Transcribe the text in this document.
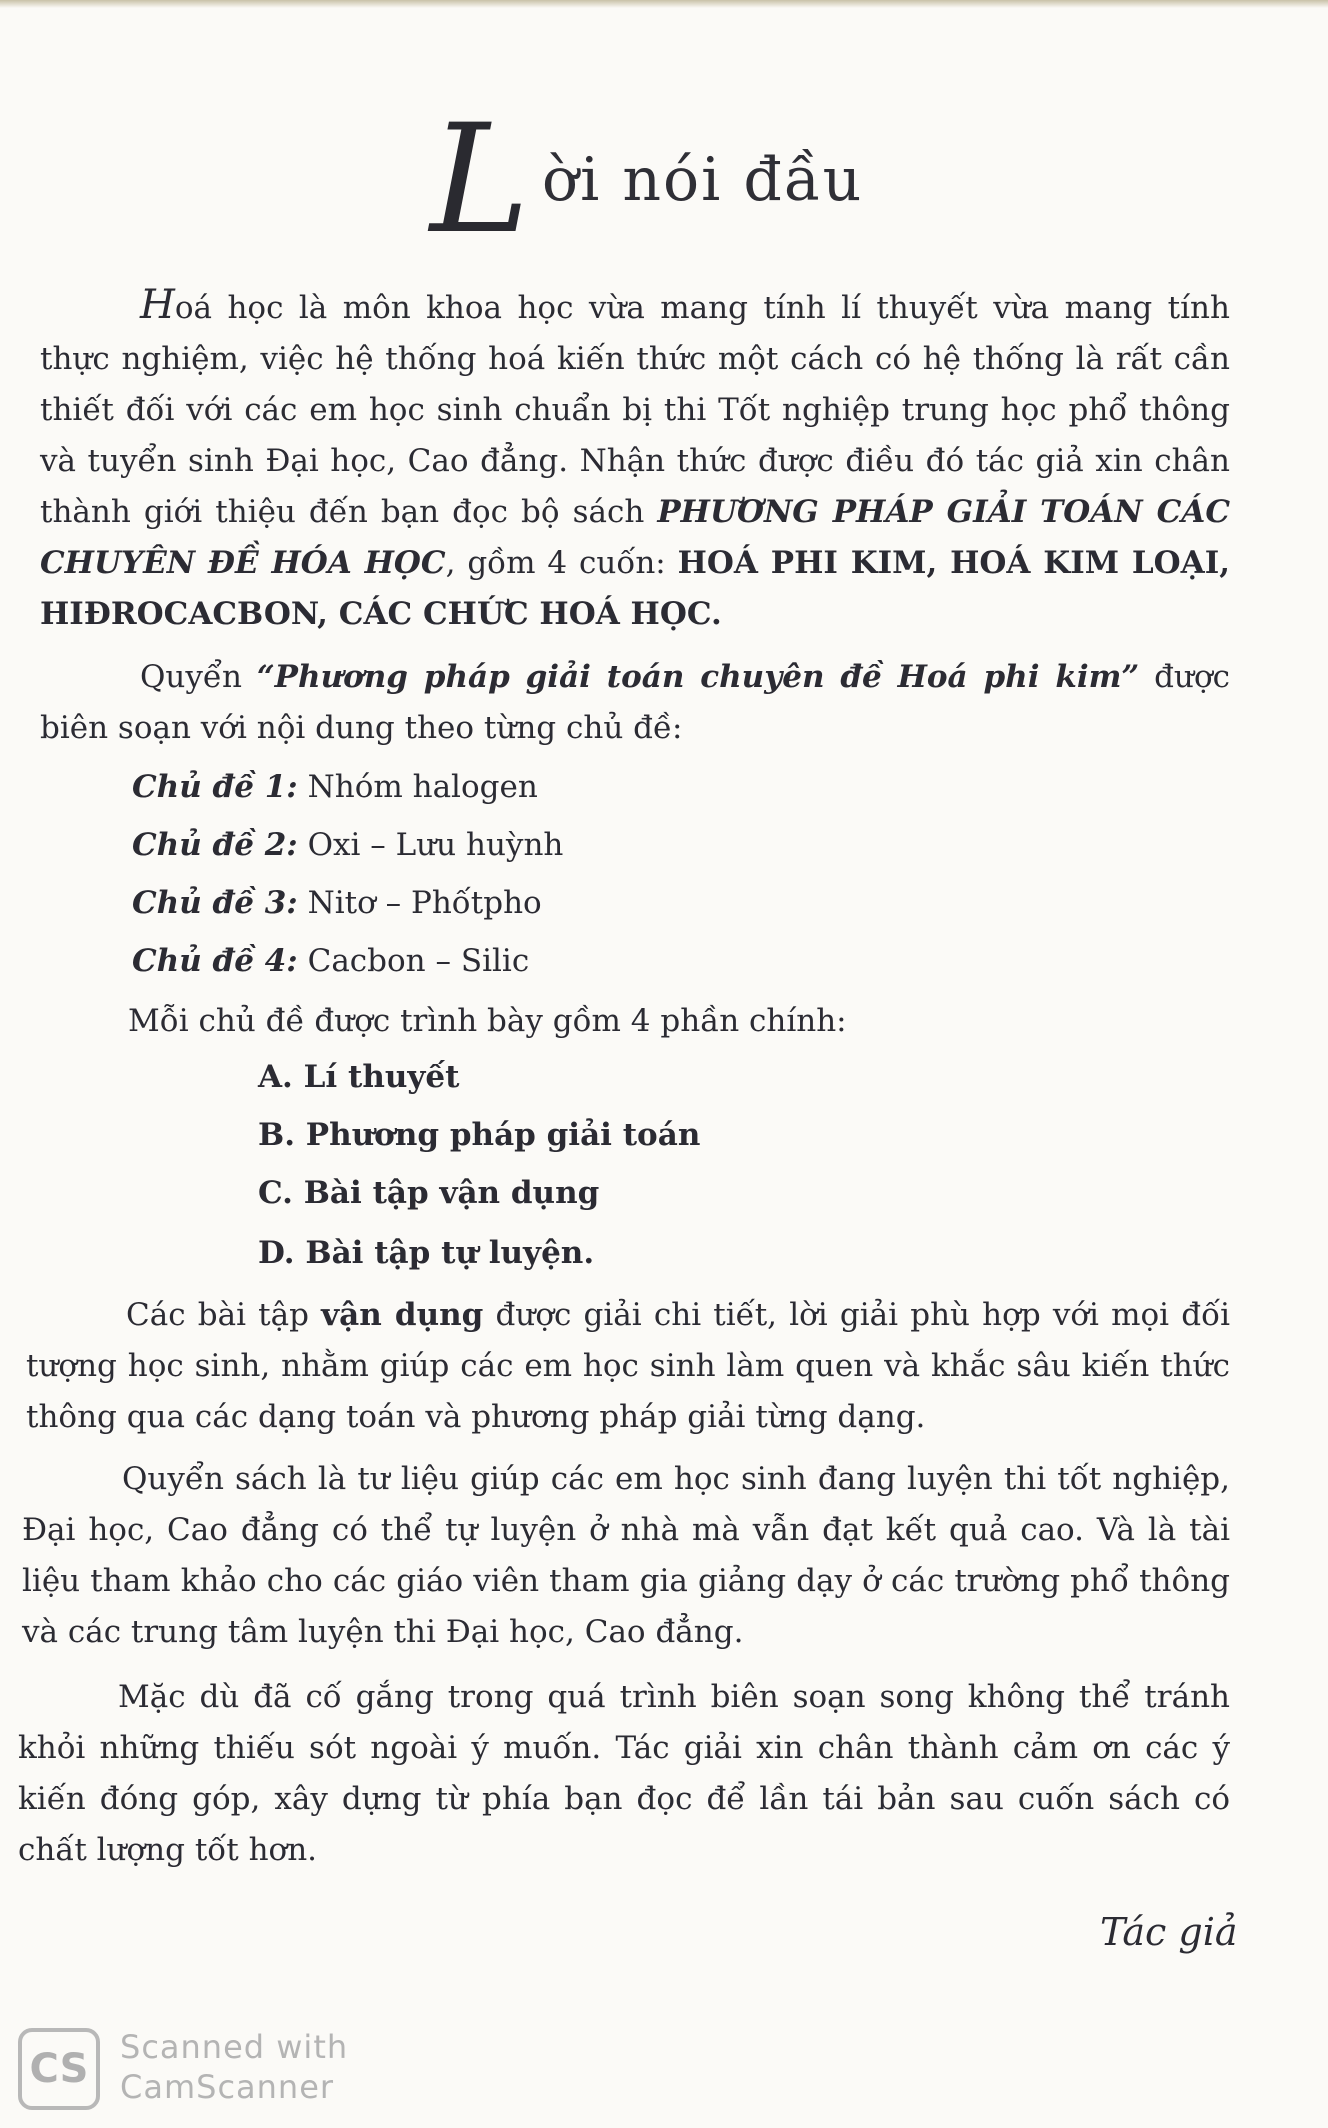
L ời nói đầu
Hoá học là môn khoa học vừa mang tính lí thuyết vừa mang tính thực nghiệm, việc hệ thống hoá kiến thức một cách có hệ thống là rất cần thiết đối với các em học sinh chuẩn bị thi Tốt nghiệp trung học phổ thông và tuyển sinh Đại học, Cao đẳng. Nhận thức được điều đó tác giả xin chân thành giới thiệu đến bạn đọc bộ sách PHƯƠNG PHÁP GIẢI TOÁN CÁC CHUYÊN ĐỀ HÓA HỌC, gồm 4 cuốn: HOÁ PHI KIM, HOÁ KIM LOẠI, HIĐROCACBON, CÁC CHỨC HOÁ HỌC.
Quyển “Phương pháp giải toán chuyên đề Hoá phi kim” được biên soạn với nội dung theo từng chủ đề:
Chủ đề 1: Nhóm halogen
Chủ đề 2: Oxi – Lưu huỳnh
Chủ đề 3: Nitơ – Phốtpho
Chủ đề 4: Cacbon – Silic
Mỗi chủ đề được trình bày gồm 4 phần chính:
A. Lí thuyết
B. Phương pháp giải toán
C. Bài tập vận dụng
D. Bài tập tự luyện.
Các bài tập vận dụng được giải chi tiết, lời giải phù hợp với mọi đối tượng học sinh, nhằm giúp các em học sinh làm quen và khắc sâu kiến thức thông qua các dạng toán và phương pháp giải từng dạng.
Quyển sách là tư liệu giúp các em học sinh đang luyện thi tốt nghiệp, Đại học, Cao đẳng có thể tự luyện ở nhà mà vẫn đạt kết quả cao. Và là tài liệu tham khảo cho các giáo viên tham gia giảng dạy ở các trường phổ thông và các trung tâm luyện thi Đại học, Cao đẳng.
Mặc dù đã cố gắng trong quá trình biên soạn song không thể tránh khỏi những thiếu sót ngoài ý muốn. Tác giải xin chân thành cảm ơn các ý kiến đóng góp, xây dựng từ phía bạn đọc để lần tái bản sau cuốn sách có chất lượng tốt hơn.
Tác giả
CS Scanned with
CamScanner
